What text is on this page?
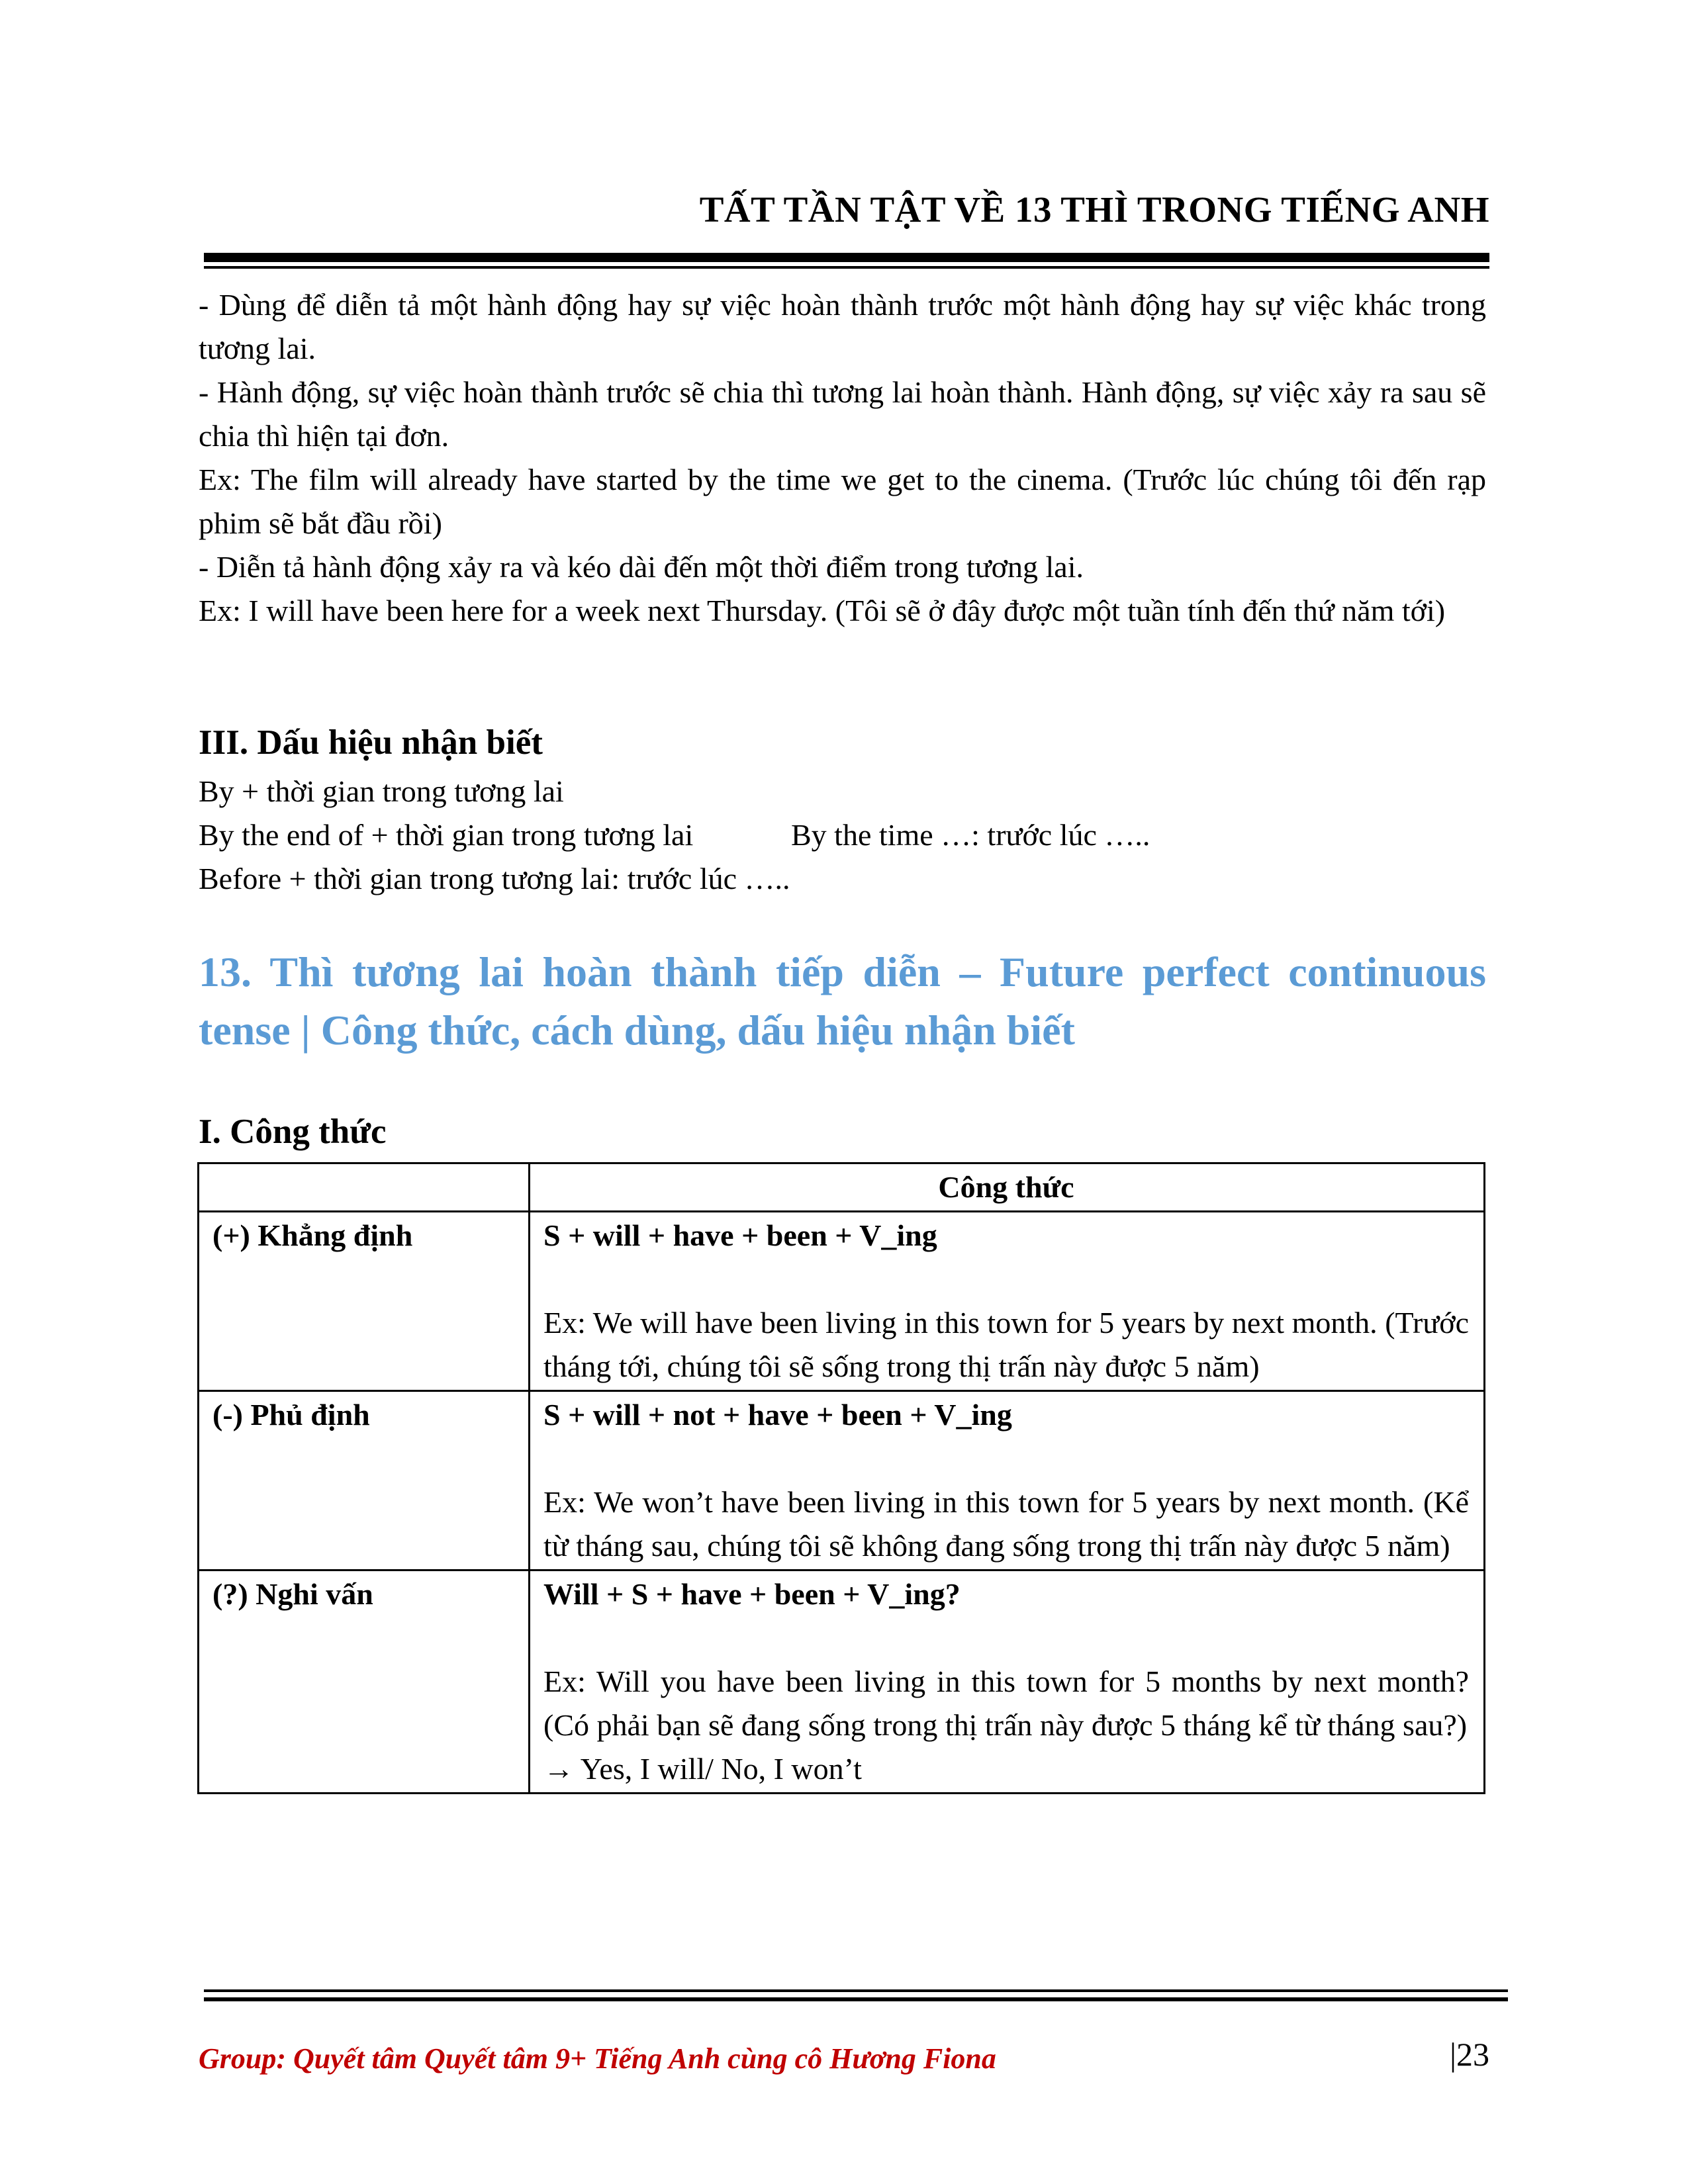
TẤT TẦN TẬT VỀ 13 THÌ TRONG TIẾNG ANH

- Dùng để diễn tả một hành động hay sự việc hoàn thành trước một hành động hay sự việc khác trong tương lai.

- Hành động, sự việc hoàn thành trước sẽ chia thì tương lai hoàn thành. Hành động, sự việc xảy ra sau sẽ chia thì hiện tại đơn.

Ex: The film will already have started by the time we get to the cinema. (Trước lúc chúng tôi đến rạp phim sẽ bắt đầu rồi)

- Diễn tả hành động xảy ra và kéo dài đến một thời điểm trong tương lai.

Ex: I will have been here for a week next Thursday. (Tôi sẽ ở đây được một tuần tính đến thứ năm tới)

III. Dấu hiệu nhận biết
By + thời gian trong tương lai
By the end of + thời gian trong tương lai	By the time …: trước lúc …..
Before + thời gian trong tương lai: trước lúc …..
13. Thì tương lai hoàn thành tiếp diễn – Future perfect continuous tense | Công thức, cách dùng, dấu hiệu nhận biết
I. Công thức
	Công thức
(+) Khẳng định	S + will + have + been + V_ing
Ex: We will have been living in this town for 5 years by next month. (Trước tháng tới, chúng tôi sẽ sống trong thị trấn này được 5 năm)

(-) Phủ định	S + will + not + have + been + V_ing
Ex: We won’t have been living in this town for 5 years by next month. (Kể từ tháng sau, chúng tôi sẽ không đang sống trong thị trấn này được 5 năm)

(?) Nghi vấn	Will + S + have + been + V_ing?
Ex: Will you have been living in this town for 5 months by next month? (Có phải bạn sẽ đang sống trong thị trấn này được 5 tháng kể từ tháng sau?)
→ Yes, I will/ No, I won’t
Group: Quyết tâm Quyết tâm 9+ Tiếng Anh cùng cô Hương Fiona	|23
